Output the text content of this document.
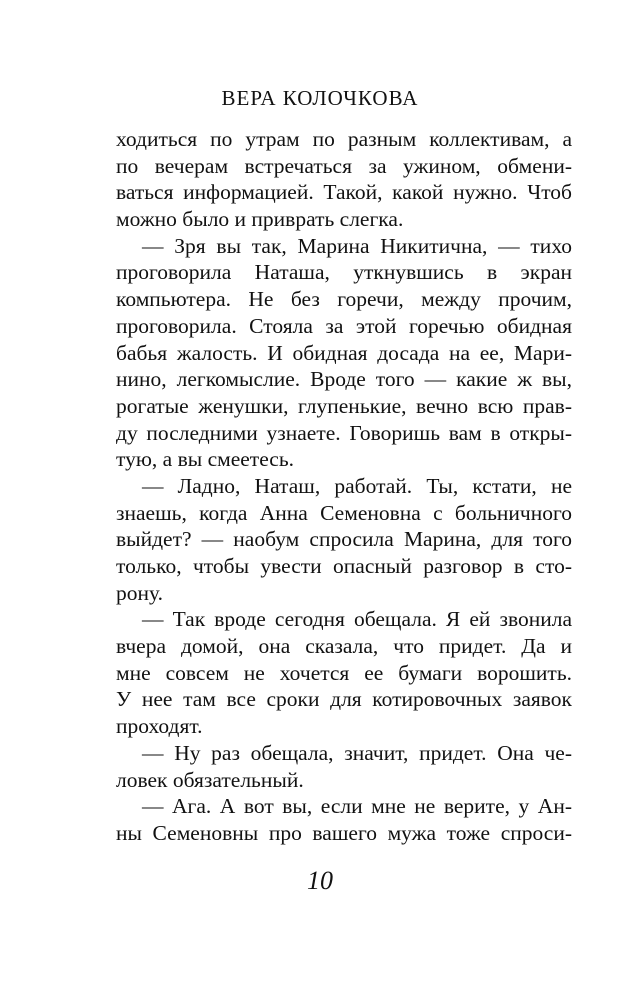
ВЕРА КОЛОЧКОВА
ходиться по утрам по разным коллективам, а
по вечерам встречаться за ужином, обмени-
ваться информацией. Такой, какой нужно. Чтоб
можно было и приврать слегка.
— Зря вы так, Марина Никитична, — тихо
проговорила Наташа, уткнувшись в экран
компьютера. Не без горечи, между прочим,
проговорила. Стояла за этой горечью обидная
бабья жалость. И обидная досада на ее, Мари-
нино, легкомыслие. Вроде того — какие ж вы,
рогатые женушки, глупенькие, вечно всю прав-
ду последними узнаете. Говоришь вам в откры-
тую, а вы смеетесь.
— Ладно, Наташ, работай. Ты, кстати, не
знаешь, когда Анна Семеновна с больничного
выйдет? — наобум спросила Марина, для того
только, чтобы увести опасный разговор в сто-
рону.
— Так вроде сегодня обещала. Я ей звонила
вчера домой, она сказала, что придет. Да и
мне совсем не хочется ее бумаги ворошить.
У нее там все сроки для котировочных заявок
проходят.
— Ну раз обещала, значит, придет. Она че-
ловек обязательный.
— Ага. А вот вы, если мне не верите, у Ан-
ны Семеновны про вашего мужа тоже спроси-
10
